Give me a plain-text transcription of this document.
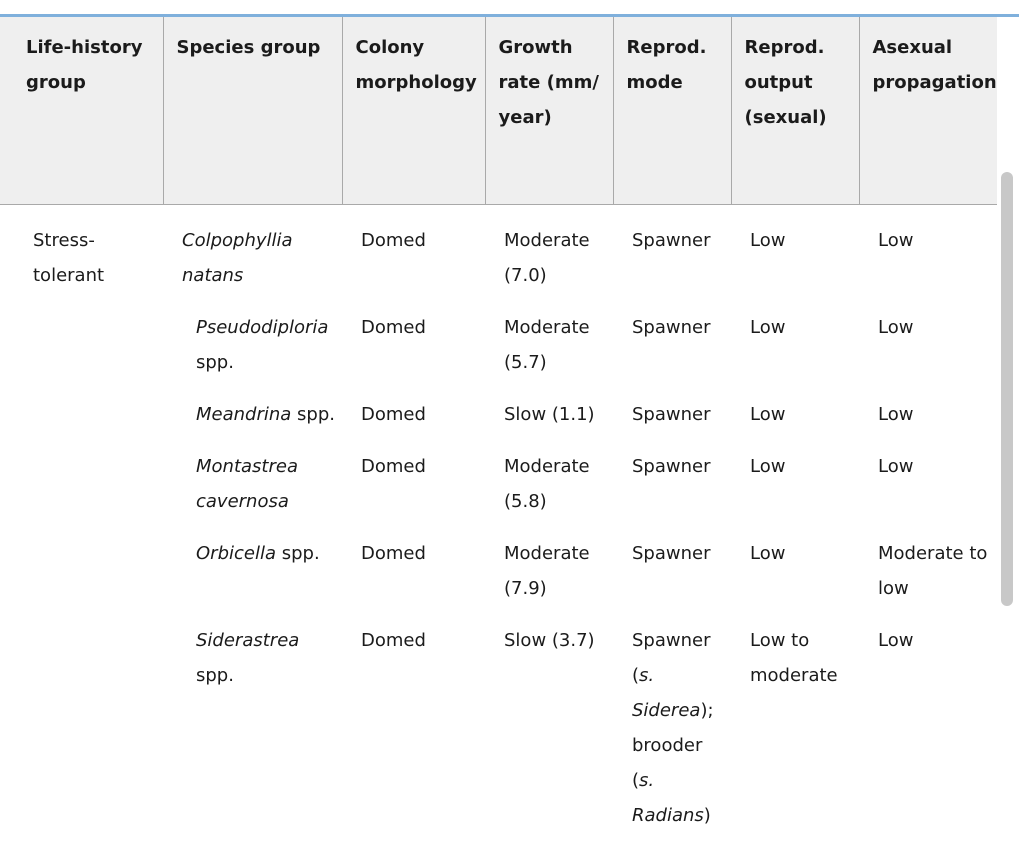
Life-history group	Species group	Colony morphology	Growth rate (mm/ year)	Reprod. mode	Reprod. output (sexual)	Asexual propagation
Stress-tolerant	Colpophyllia natans	Domed	Moderate (7.0)	Spawner	Low	Low
	Pseudodiploria spp.	Domed	Moderate (5.7)	Spawner	Low	Low
	Meandrina spp.	Domed	Slow (1.1)	Spawner	Low	Low
	Montastrea cavernosa	Domed	Moderate (5.8)	Spawner	Low	Low
	Orbicella spp.	Domed	Moderate (7.9)	Spawner	Low	Moderate to low
	Siderastrea spp.	Domed	Slow (3.7)	Spawner (s. Siderea); brooder (s. Radians)	Low to moderate	Low
